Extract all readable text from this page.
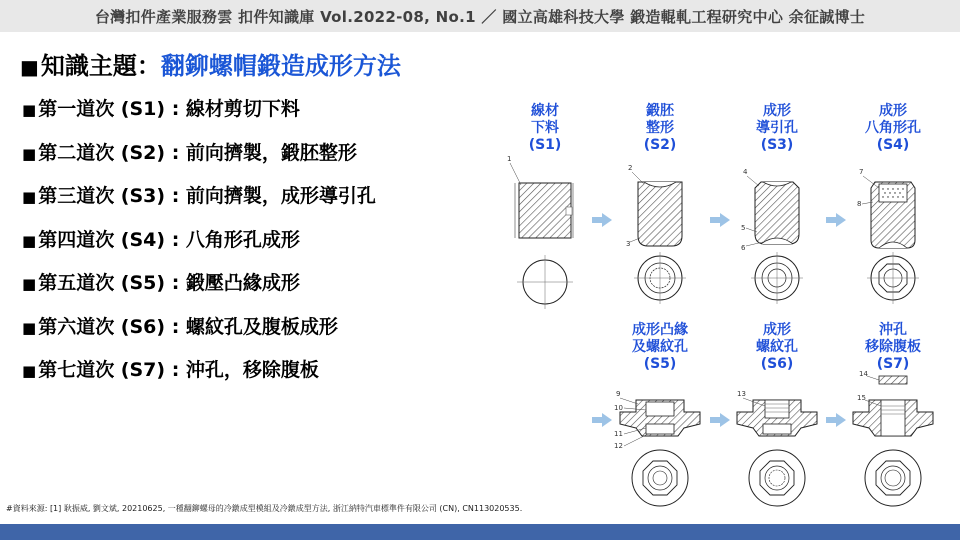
台灣扣件產業服務雲 扣件知識庫 Vol.2022-08, No.1 ／ 國立高雄科技大學 鍛造輥軋工程研究中心 余征誠博士
■知識主題：翻鉚螺帽鍛造成形方法
■ 第一道次 (S1) : 線材剪切下料
■ 第二道次 (S2) : 前向擠製，鍛胚整形
■ 第三道次 (S3) : 前向擠製，成形導引孔
■ 第四道次 (S4) : 八角形孔成形
■ 第五道次 (S5) : 鍛壓凸緣成形
■ 第六道次 (S6) : 螺紋孔及腹板成形
■ 第七道次 (S7) : 沖孔，移除腹板
線材
下料
(S1)
鍛胚
整形
(S2)
成形
導引孔
(S3)
成形
八角形孔
(S4)
成形凸緣
及螺紋孔
(S5)
成形
螺紋孔
(S6)
沖孔
移除腹板
(S7)
1
2
3
4
5
6
7
8
9
10
11
12
13
14
15
#資料來源: [1] 耿振威, 劉文斌, 20210625, 一種翻鉚螺母的冷鐓成型模組及冷鐓成型方法, 浙江納特汽車標準件有限公司 (CN), CN113020535.
